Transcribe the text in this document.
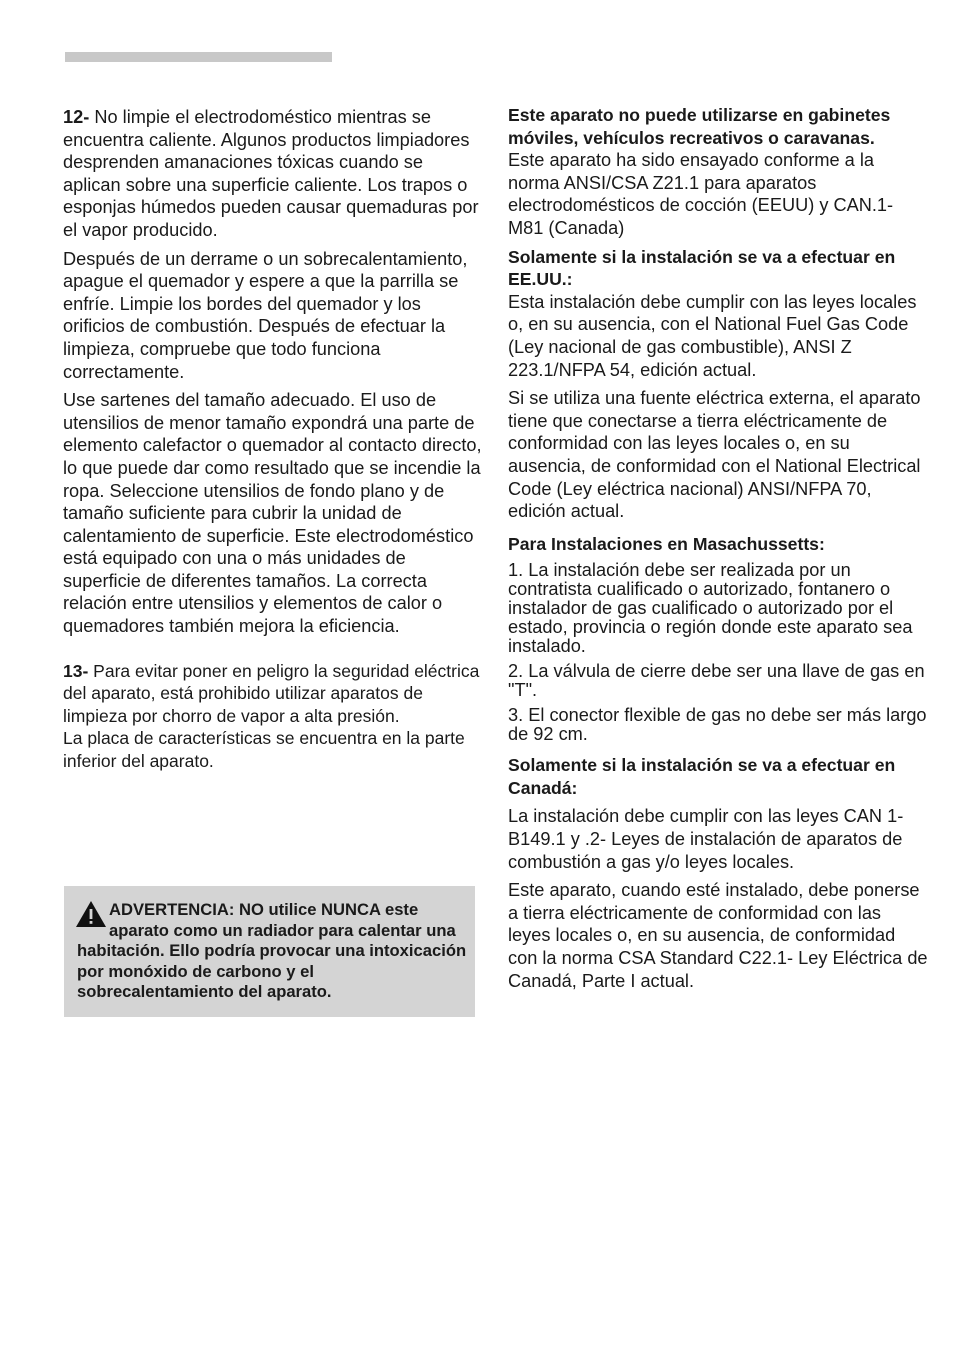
12- No limpie el electrodoméstico mientras se encuentra caliente. Algunos productos limpiadores desprenden amanaciones tóxicas cuando se aplican sobre una superficie caliente. Los trapos o esponjas húmedos pueden causar quemaduras por el vapor producido.

Después de un derrame o un sobrecalentamiento, apague el quemador y espere a que la parrilla se enfríe. Limpie los bordes del quemador y los orificios de combustión. Después de efectuar la limpieza, compruebe que todo funciona correctamente.

Use sartenes del tamaño adecuado. El uso de utensilios de menor tamaño expondrá una parte de elemento calefactor o quemador al contacto directo, lo que puede dar como resultado que se incendie la ropa. Seleccione utensilios de fondo plano y de tamaño suficiente para cubrir la unidad de calentamiento de superficie. Este electrodoméstico está equipado con una o más unidades de superficie de diferentes tamaños. La correcta relación entre utensilios y elementos de calor o quemadores también mejora la eficiencia.

13- Para evitar poner en peligro la seguridad eléctrica del aparato, está prohibido utilizar aparatos de limpieza por chorro de vapor a alta presión.

La placa de características se encuentra en la parte inferior del aparato.

ADVERTENCIA: NO utilice NUNCA este aparato como un radiador para calentar una habitación. Ello podría provocar una intoxicación por monóxido de carbono y el sobrecalentamiento del aparato.

Este aparato no puede utilizarse en gabinetes móviles, vehículos recreativos o caravanas.

Este aparato ha sido ensayado conforme a la norma ANSI/CSA Z21.1 para aparatos electrodomésticos de cocción (EEUU) y CAN.1-M81 (Canada)

Solamente si la instalación se va a efectuar en EE.UU.:

Esta instalación debe cumplir con las leyes locales o, en su ausencia, con el National Fuel Gas Code (Ley nacional de gas combustible), ANSI Z 223.1/NFPA 54, edición actual.

Si se utiliza una fuente eléctrica externa, el aparato tiene que conectarse a tierra eléctricamente de conformidad con las leyes locales o, en su ausencia, de conformidad con el National Electrical Code (Ley eléctrica nacional) ANSI/NFPA 70, edición actual.

Para Instalaciones en Masachussetts:

1. La instalación debe ser realizada por un contratista cualificado o autorizado, fontanero o instalador de gas cualificado o autorizado por el estado, provincia o región donde este aparato sea instalado.

2. La válvula de cierre debe ser una llave de gas en "T".

3. El conector flexible de gas no debe ser más largo de 92 cm.

Solamente si la instalación se va a efectuar en Canadá:

La instalación debe cumplir con las leyes CAN 1-B149.1 y .2- Leyes de instalación de aparatos de combustión a gas y/o leyes locales.

Este aparato, cuando esté instalado, debe ponerse a tierra eléctricamente de conformidad con las leyes locales o, en su ausencia, de conformidad con la norma CSA Standard C22.1- Ley Eléctrica de Canadá, Parte I actual.
